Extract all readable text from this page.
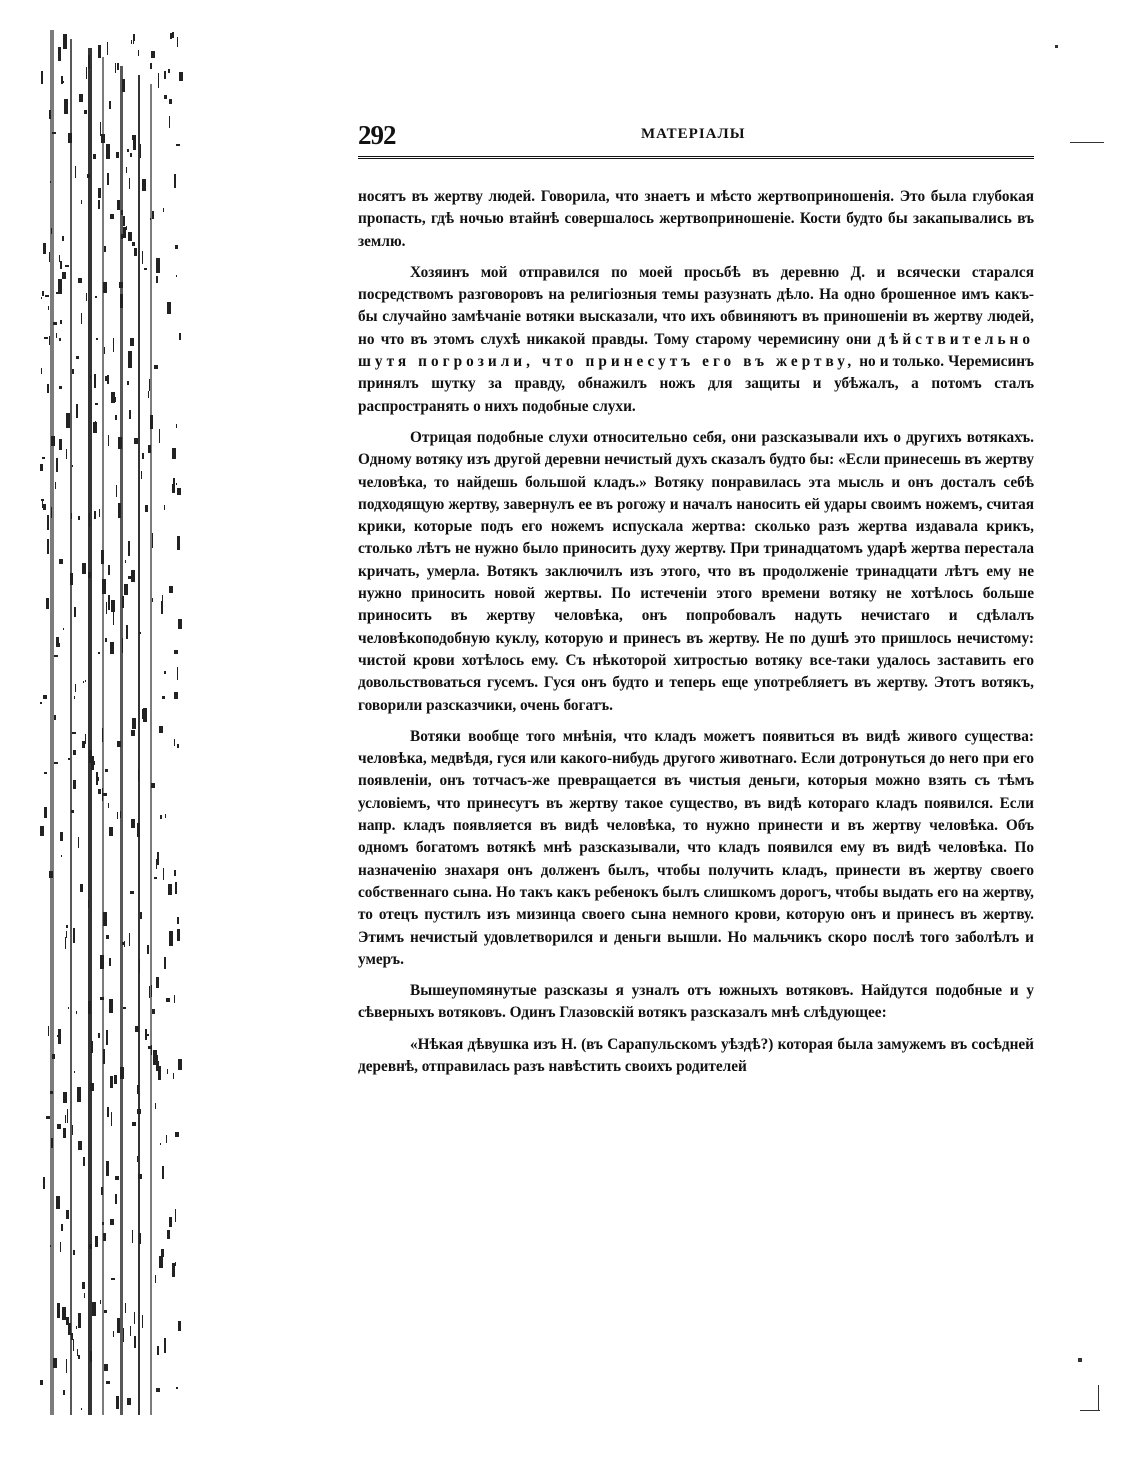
292	МАТЕРIАЛЫ

носятъ въ жертву людей. Говорила, что знаетъ и мѣсто жертвоприношенія. Это была глубокая пропасть, гдѣ ночью втайнѣ совершалось жертвоприношеніе. Кости будто бы закапывались въ землю.

Хозяинъ мой отправился по моей просьбѣ въ деревню Д. и всячески старался посредствомъ разговоровъ на религіозныя темы разузнать дѣло. На одно брошенное имъ какъ-бы случайно замѣчаніе вотяки высказали, что ихъ обвиняютъ въ приношеніи въ жертву людей, но что въ этомъ слухѣ никакой правды. Тому старому черемисину они дѣйствительно шутя погрозили, что принесутъ его въ жертву, но и только. Черемисинъ принялъ шутку за правду, обнажилъ ножъ для защиты и убѣжалъ, а потомъ сталъ распространять о нихъ подобные слухи.

Отрицая подобные слухи относительно себя, они разсказывали ихъ о другихъ вотякахъ. Одному вотяку изъ другой деревни нечистый духъ сказалъ будто бы: «Если принесешь въ жертву человѣка, то найдешь большой кладъ.» Вотяку понравилась эта мысль и онъ досталъ себѣ подходящую жертву, завернулъ ее въ рогожу и началъ наносить ей удары своимъ ножемъ, считая крики, которые подъ его ножемъ испускала жертва: сколько разъ жертва издавала крикъ, столько лѣтъ не нужно было приносить духу жертву. При тринадцатомъ ударѣ жертва перестала кричать, умерла. Вотякъ заключилъ изъ этого, что въ продолженіе тринадцати лѣтъ ему не нужно приносить новой жертвы. По истеченіи этого времени вотяку не хотѣлось больше приносить въ жертву человѣка, онъ попробовалъ надуть нечистаго и сдѣлалъ человѣкоподобную куклу, которую и принесъ въ жертву. Не по душѣ это пришлось нечистому: чистой крови хотѣлось ему. Съ нѣкоторой хитростью вотяку все-таки удалось заставить его довольствоваться гусемъ. Гуся онъ будто и теперь еще употребляетъ въ жертву. Этотъ вотякъ, говорили разсказчики, очень богатъ.

Вотяки вообще того мнѣнія, что кладъ можетъ появиться въ видѣ живого существа: человѣка, медвѣдя, гуся или какого-нибудь другого животнаго. Если дотронуться до него при его появленіи, онъ тотчасъ-же превращается въ чистыя деньги, которыя можно взять съ тѣмъ условіемъ, что принесутъ въ жертву такое существо, въ видѣ котораго кладъ появился. Если напр. кладъ появляется въ видѣ человѣка, то нужно принести и въ жертву человѣка. Объ одномъ богатомъ вотякѣ мнѣ разсказывали, что кладъ появился ему въ видѣ человѣка. По назначенію знахаря онъ долженъ былъ, чтобы получить кладъ, принести въ жертву своего собственнаго сына. Но такъ какъ ребенокъ былъ слишкомъ дорогъ, чтобы выдать его на жертву, то отецъ пустилъ изъ мизинца своего сына немного крови, которую онъ и принесъ въ жертву. Этимъ нечистый удовлетворился и деньги вышли. Но мальчикъ скоро послѣ того заболѣлъ и умеръ.

Вышеупомянутые разсказы я узналъ отъ южныхъ вотяковъ. Найдутся подобные и у сѣверныхъ вотяковъ. Одинъ Глазовскій вотякъ разсказалъ мнѣ слѣдующее:

«Нѣкая дѣвушка изъ Н. (въ Сарапульскомъ уѣздѣ?) которая была замужемъ въ сосѣдней деревнѣ, отправилась разъ навѣстить своихъ родителей
